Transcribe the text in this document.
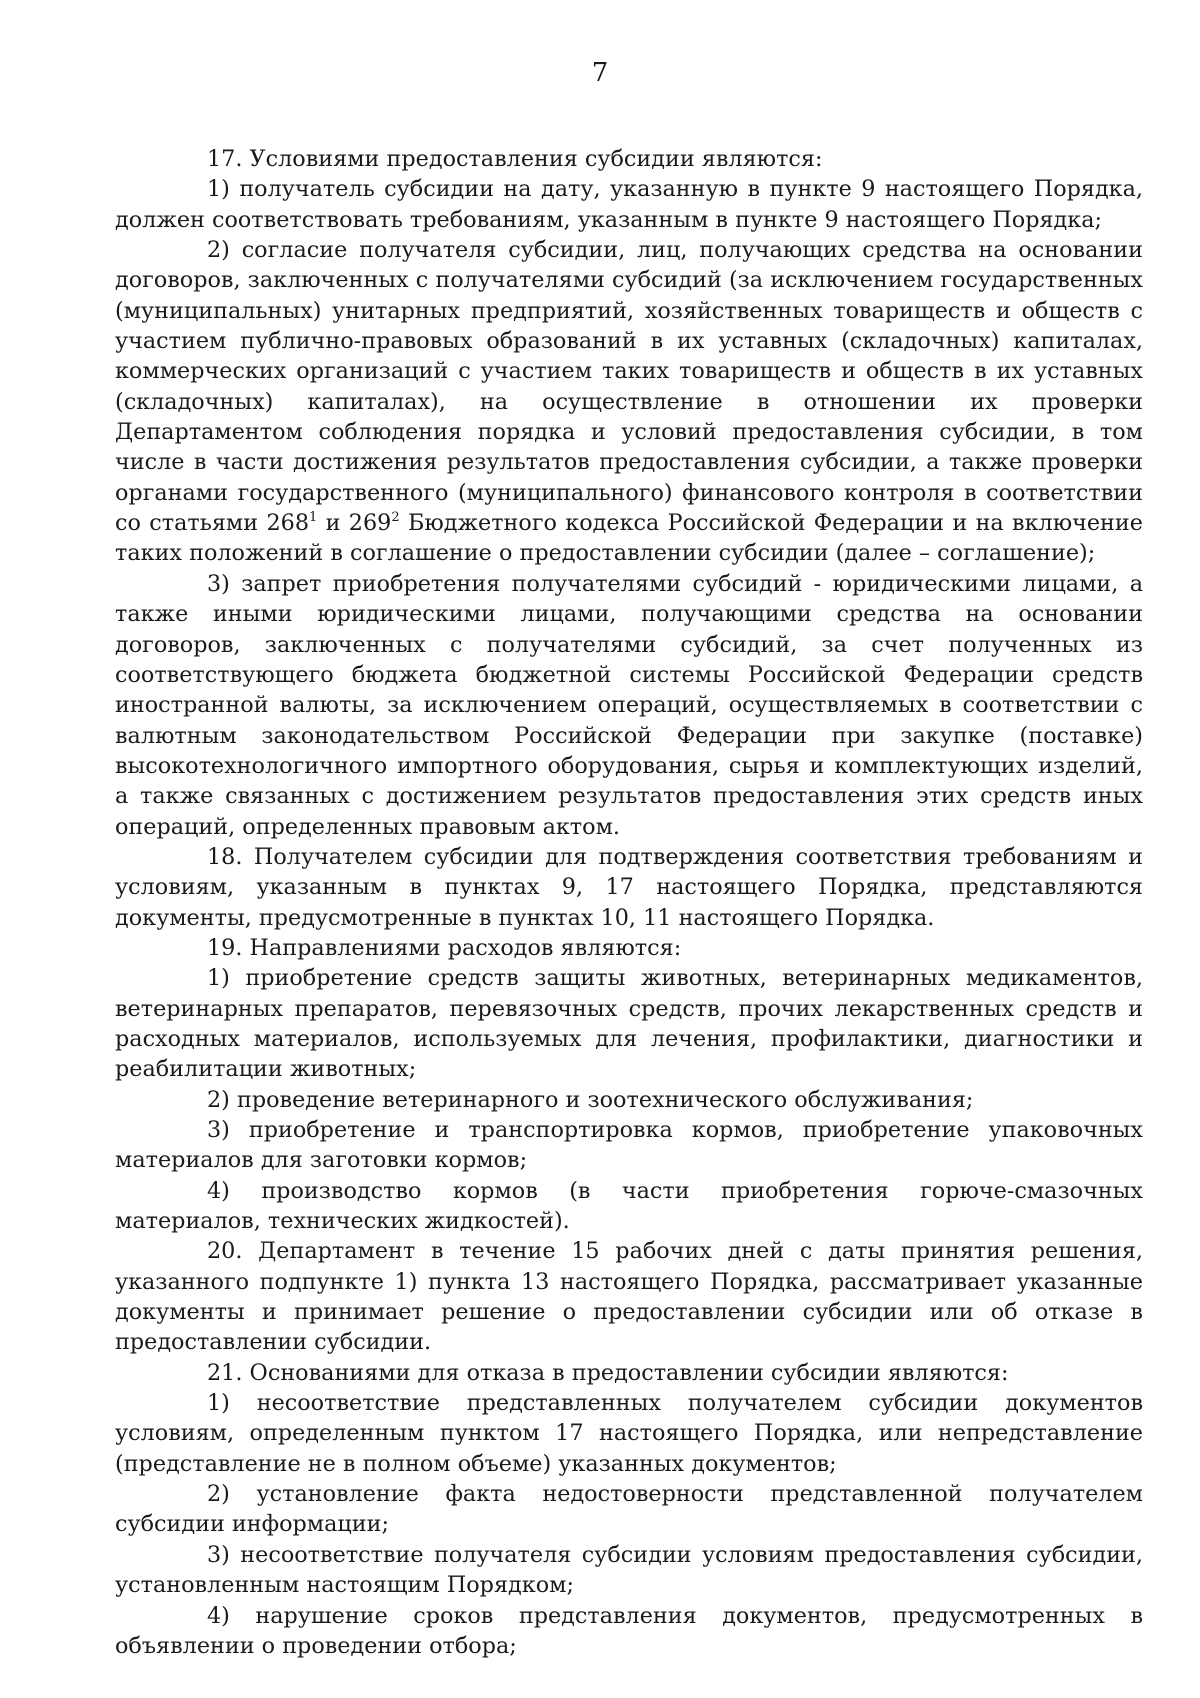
7

17. Условиями предоставления субсидии являются:

1) получатель субсидии на дату, указанную в пункте 9 настоящего Порядка, должен соответствовать требованиям, указанным в пункте 9 настоящего Порядка;

2) согласие получателя субсидии, лиц, получающих средства на основании договоров, заключенных с получателями субсидий (за исключением государственных (муниципальных) унитарных предприятий, хозяйственных товариществ и обществ с участием публично-правовых образований в их уставных (складочных) капиталах, коммерческих организаций с участием таких товариществ и обществ в их уставных (складочных) капиталах), на осуществление в отношении их проверки Департаментом соблюдения порядка и условий предоставления субсидии, в том числе в части достижения результатов предоставления субсидии, а также проверки органами государственного (муниципального) финансового контроля в соответствии со статьями $268^1$ и $269^2$ Бюджетного кодекса Российской Федерации и на включение таких положений в соглашение о предоставлении субсидии (далее – соглашение);

3) запрет приобретения получателями субсидий - юридическими лицами, а также иными юридическими лицами, получающими средства на основании договоров, заключенных с получателями субсидий, за счет полученных из соответствующего бюджета бюджетной системы Российской Федерации средств иностранной валюты, за исключением операций, осуществляемых в соответствии с валютным законодательством Российской Федерации при закупке (поставке) высокотехнологичного импортного оборудования, сырья и комплектующих изделий, а также связанных с достижением результатов предоставления этих средств иных операций, определенных правовым актом.

18. Получателем субсидии для подтверждения соответствия требованиям и условиям, указанным в пунктах 9, 17 настоящего Порядка, представляются документы, предусмотренные в пунктах 10, 11 настоящего Порядка.

19. Направлениями расходов являются:

1) приобретение средств защиты животных, ветеринарных медикаментов, ветеринарных препаратов, перевязочных средств, прочих лекарственных средств и расходных материалов, используемых для лечения, профилактики, диагностики и реабилитации животных;

2) проведение ветеринарного и зоотехнического обслуживания;

3) приобретение и транспортировка кормов, приобретение упаковочных материалов для заготовки кормов;

4) производство кормов (в части приобретения горюче-смазочных материалов, технических жидкостей).

20. Департамент в течение 15 рабочих дней с даты принятия решения, указанного подпункте 1) пункта 13 настоящего Порядка, рассматривает указанные документы и принимает решение о предоставлении субсидии или об отказе в предоставлении субсидии.

21. Основаниями для отказа в предоставлении субсидии являются:

1) несоответствие представленных получателем субсидии документов условиям, определенным пунктом 17 настоящего Порядка, или непредставление (представление не в полном объеме) указанных документов;

2) установление факта недостоверности представленной получателем субсидии информации;

3) несоответствие получателя субсидии условиям предоставления субсидии, установленным настоящим Порядком;

4) нарушение сроков представления документов, предусмотренных в объявлении о проведении отбора;
